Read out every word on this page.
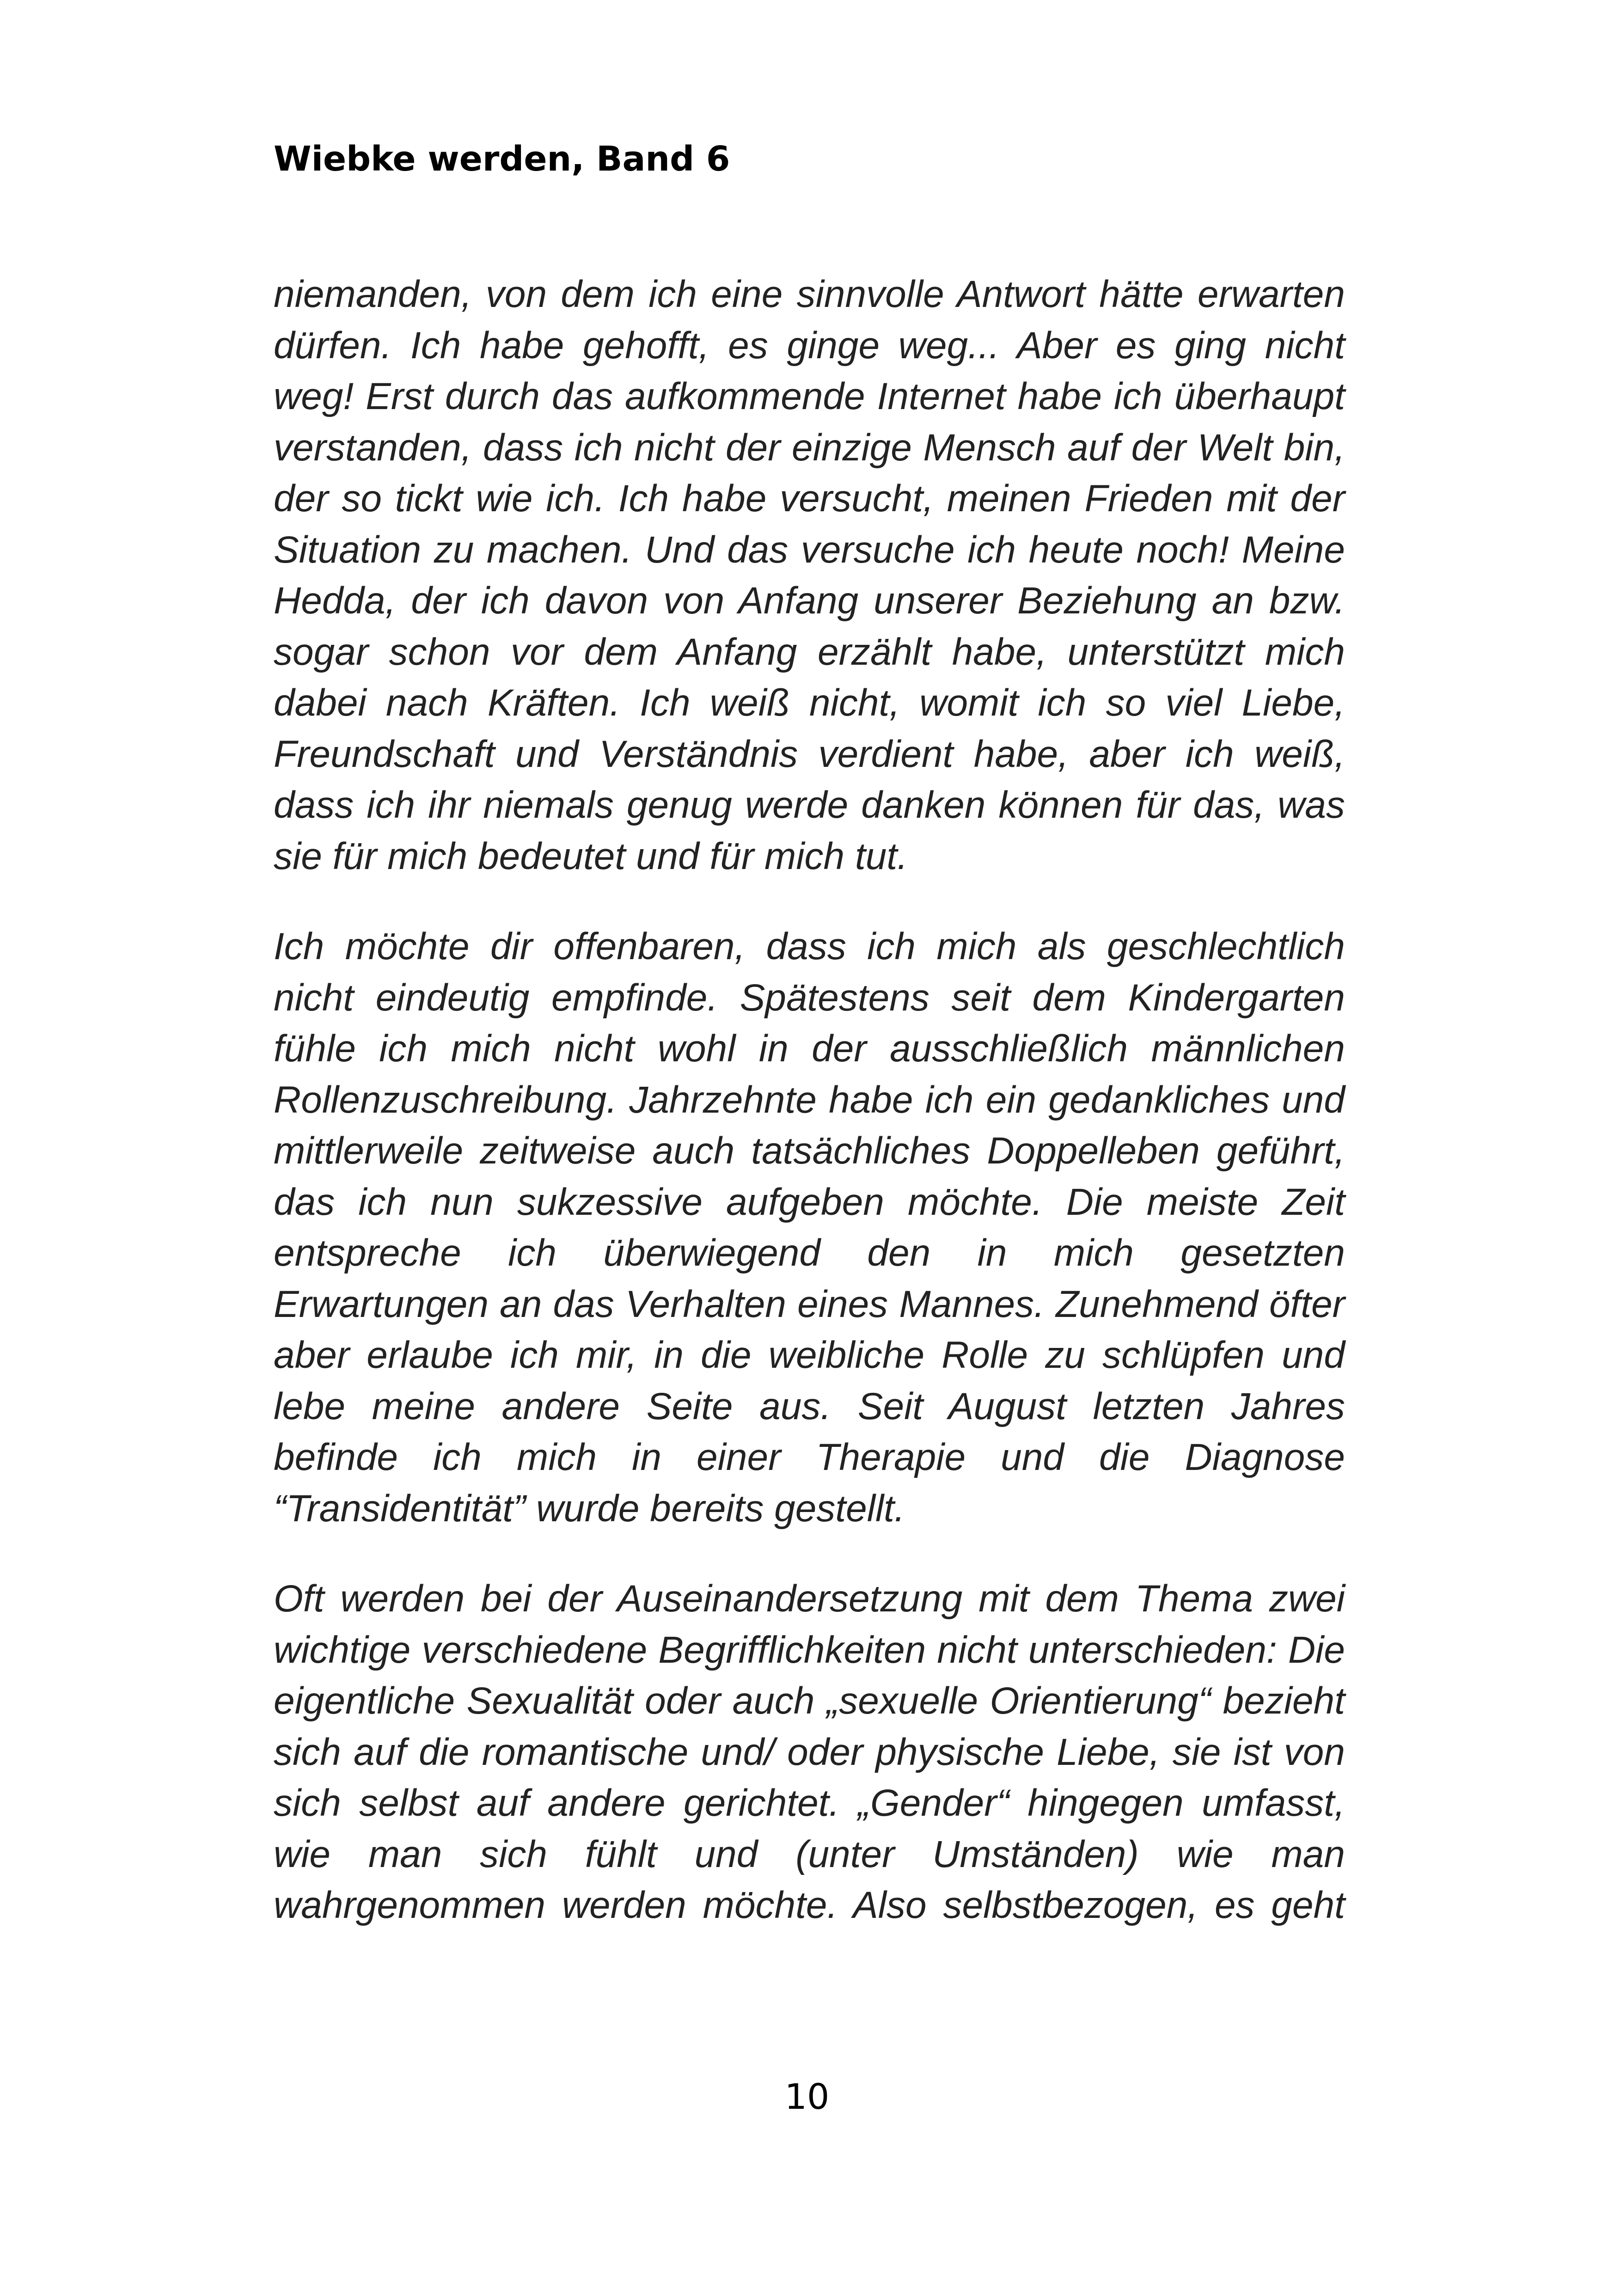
Wiebke werden, Band 6

niemanden, von dem ich eine sinnvolle Antwort hätte erwarten dürfen. Ich habe gehofft, es ginge weg... Aber es ging nicht weg! Erst durch das aufkommende Internet habe ich überhaupt verstanden, dass ich nicht der einzige Mensch auf der Welt bin, der so tickt wie ich. Ich habe versucht, meinen Frieden mit der Situation zu machen. Und das versuche ich heute noch! Meine Hedda, der ich davon von Anfang unserer Beziehung an bzw. sogar schon vor dem Anfang erzählt habe, unterstützt mich dabei nach Kräften. Ich weiß nicht, womit ich so viel Liebe, Freundschaft und Verständnis verdient habe, aber ich weiß, dass ich ihr niemals genug werde danken können für das, was sie für mich bedeutet und für mich tut.

Ich möchte dir offenbaren, dass ich mich als geschlechtlich nicht eindeutig empfinde. Spätestens seit dem Kindergarten fühle ich mich nicht wohl in der ausschließlich männlichen Rollenzuschreibung. Jahrzehnte habe ich ein gedankliches und mittlerweile zeitweise auch tatsächliches Doppelleben geführt, das ich nun sukzessive aufgeben möchte. Die meiste Zeit entspreche ich überwiegend den in mich gesetzten Erwartungen an das Verhalten eines Mannes. Zunehmend öfter aber erlaube ich mir, in die weibliche Rolle zu schlüpfen und lebe meine andere Seite aus. Seit August letzten Jahres befinde ich mich in einer Therapie und die Diagnose “Transidentität” wurde bereits gestellt.

Oft werden bei der Auseinandersetzung mit dem Thema zwei wichtige verschiedene Begrifflichkeiten nicht unterschieden: Die eigentliche Sexualität oder auch „sexuelle Orientierung“ bezieht sich auf die romantische und/ oder physische Liebe, sie ist von sich selbst auf andere gerichtet. „Gender“ hingegen umfasst, wie man sich fühlt und (unter Umständen) wie man wahrgenommen werden möchte. Also selbstbezogen, es geht

10
